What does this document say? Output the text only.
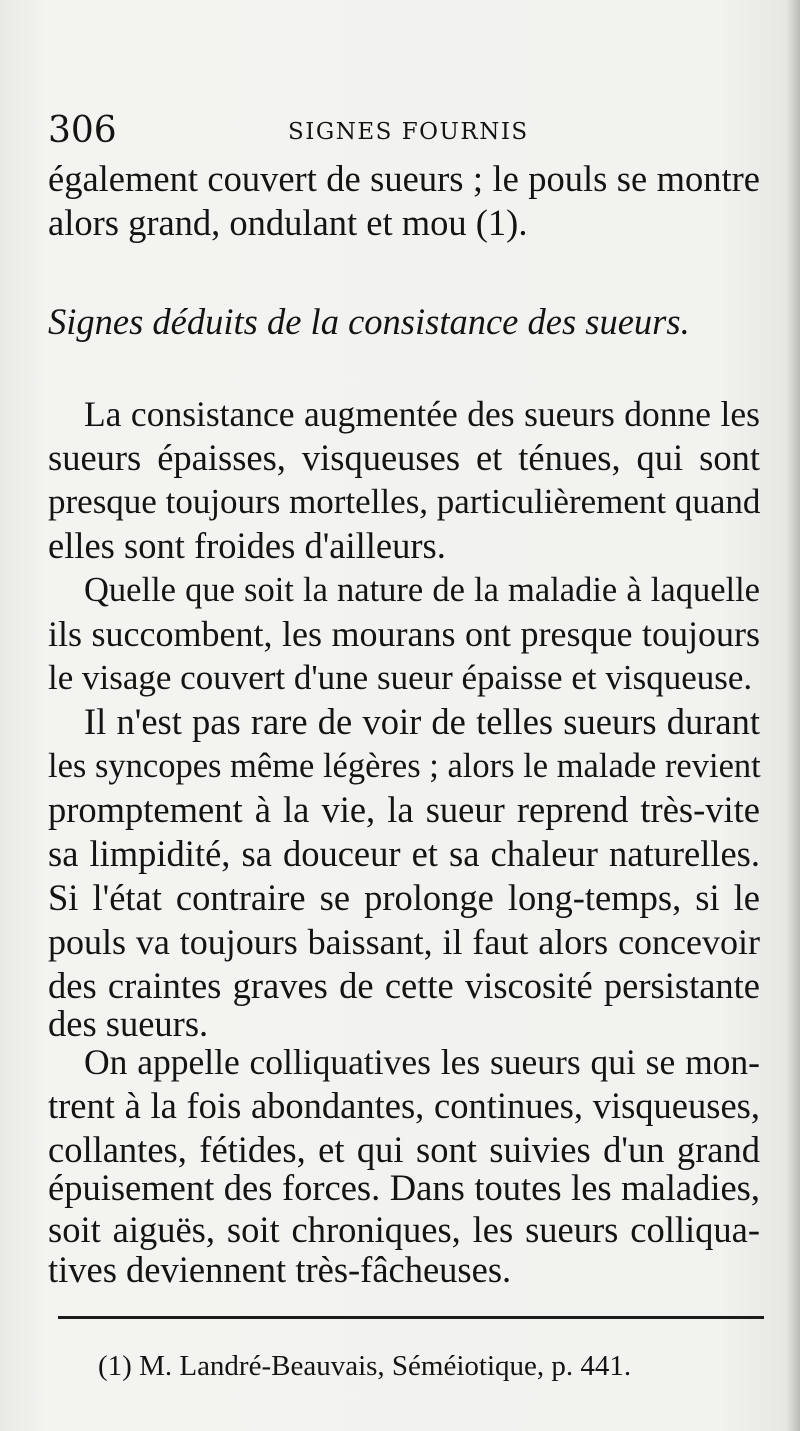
306	SIGNES FOURNIS
également couvert de sueurs ; le pouls se montre
alors grand, ondulant et mou (1).
Signes déduits de la consistance des sueurs.
La consistance augmentée des sueurs donne les
sueurs épaisses, visqueuses et ténues, qui sont
presque toujours mortelles, particulièrement quand
elles sont froides d'ailleurs.
Quelle que soit la nature de la maladie à laquelle
ils succombent, les mourans ont presque toujours
le visage couvert d'une sueur épaisse et visqueuse.
Il n'est pas rare de voir de telles sueurs durant
les syncopes même légères ; alors le malade revient
promptement à la vie, la sueur reprend très-vite
sa limpidité, sa douceur et sa chaleur naturelles.
Si l'état contraire se prolonge long-temps, si le
pouls va toujours baissant, il faut alors concevoir
des craintes graves de cette viscosité persistante
des sueurs.
On appelle colliquatives les sueurs qui se mon-
trent à la fois abondantes, continues, visqueuses,
collantes, fétides, et qui sont suivies d'un grand
épuisement des forces. Dans toutes les maladies,
soit aiguës, soit chroniques, les sueurs colliqua-
tives deviennent très-fâcheuses.
(1) M. Landré-Beauvais, Séméiotique, p. 441.
